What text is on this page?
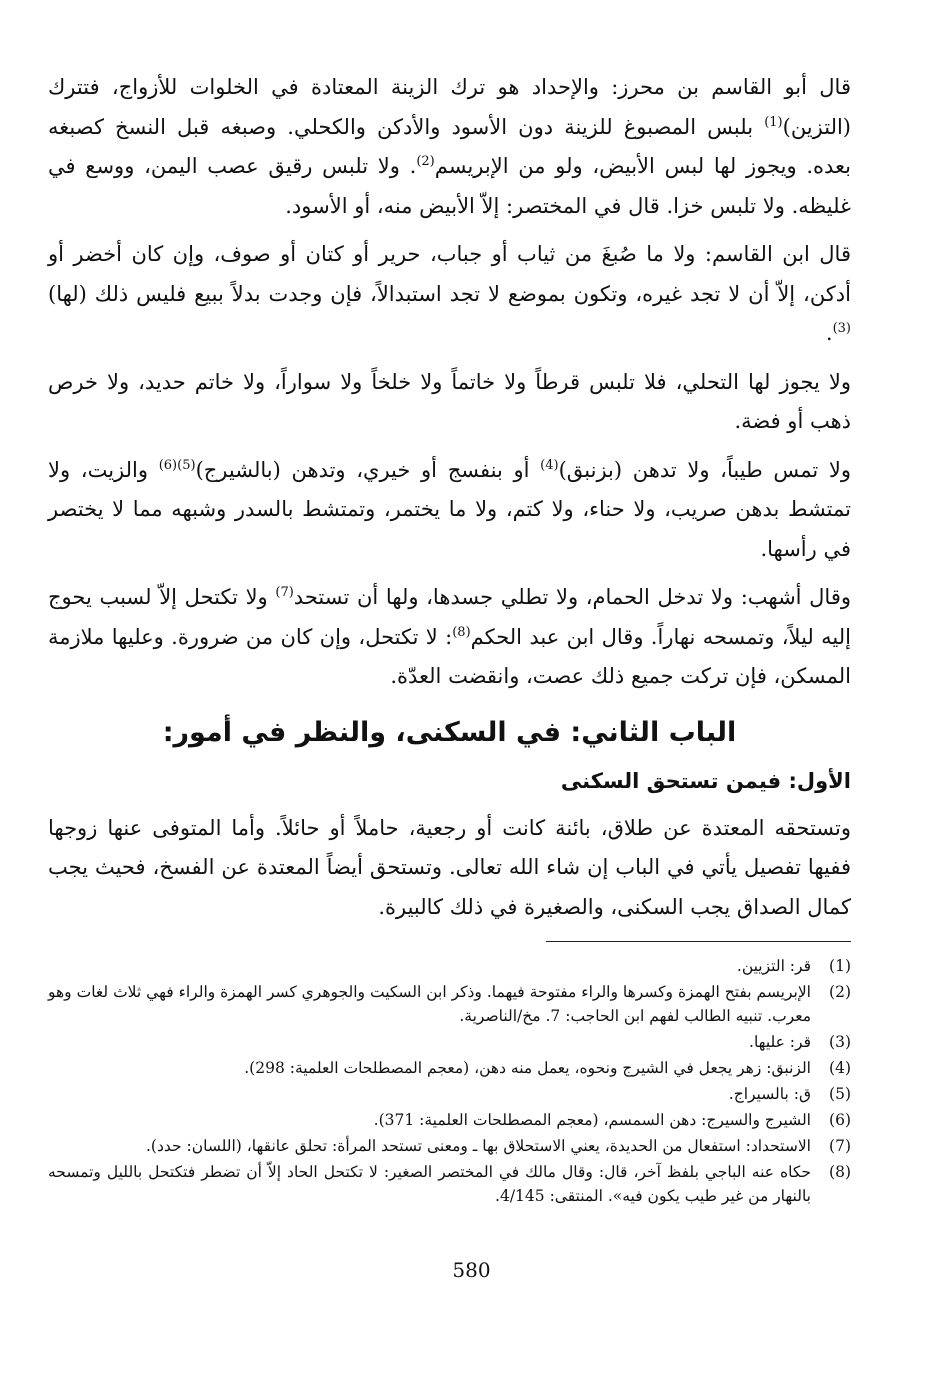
قال أبو القاسم بن محرز: والإحداد هو ترك الزينة المعتادة في الخلوات للأزواج، فتترك (التزين)$^{(1)}$ بلبس المصبوغ للزينة دون الأسود والأدكن والكحلي. وصبغه قبل النسخ كصبغه بعده. ويجوز لها لبس الأبيض، ولو من الإبريسم$^{(2)}$. ولا تلبس رقيق عصب اليمن، ووسع في غليظه. ولا تلبس خزا. قال في المختصر: إلاّ الأبيض منه، أو الأسود.

قال ابن القاسم: ولا ما صُبغَ من ثياب أو جباب، حرير أو كتان أو صوف، وإن كان أخضر أو أدكن، إلاّ أن لا تجد غيره، وتكون بموضع لا تجد استبدالاً، فإن وجدت بدلاً ببيع فليس ذلك (لها)$^{(3)}$.

ولا يجوز لها التحلي، فلا تلبس قرطاً ولا خاتماً ولا خلخاً ولا سواراً، ولا خاتم حديد، ولا خرص ذهب أو فضة.

ولا تمس طيباً، ولا تدهن (بزنبق)$^{(4)}$ أو بنفسج أو خيري، وتدهن (بالشيرج)$^{(5)(6)}$ والزيت، ولا تمتشط بدهن صريب، ولا حناء، ولا كتم، ولا ما يختمر، وتمتشط بالسدر وشبهه مما لا يختصر في رأسها.

وقال أشهب: ولا تدخل الحمام، ولا تطلي جسدها، ولها أن تستحد$^{(7)}$ ولا تكتحل إلاّ لسبب يحوج إليه ليلاً، وتمسحه نهاراً. وقال ابن عبد الحكم$^{(8)}$: لا تكتحل، وإن كان من ضرورة. وعليها ملازمة المسكن، فإن تركت جميع ذلك عصت، وانقضت العدّة.

الباب الثاني: في السكنى، والنظر في أمور:
الأول: فيمن تستحق السكنى

وتستحقه المعتدة عن طلاق، بائنة كانت أو رجعية، حاملاً أو حائلاً. وأما المتوفى عنها زوجها ففيها تفصيل يأتي في الباب إن شاء الله تعالى. وتستحق أيضاً المعتدة عن الفسخ، فحيث يجب كمال الصداق يجب السكنى، والصغيرة في ذلك كالبيرة.

(1)
قر: التزيين.
(2)
الإبريسم بفتح الهمزة وكسرها والراء مفتوحة فيهما. وذكر ابن السكيت والجوهري كسر الهمزة والراء فهي ثلاث لغات وهو معرب. تنبيه الطالب لفهم ابن الحاجب: 7. مخ/الناصرية.
(3)
قر: عليها.
(4)
الزنبق: زهر يجعل في الشيرج ونحوه، يعمل منه دهن، (معجم المصطلحات العلمية: 298).
(5)
ق: بالسيراج.
(6)
الشيرج والسيرج: دهن السمسم، (معجم المصطلحات العلمية: 371).
(7)
الاستحداد: استفعال من الحديدة، يعني الاستحلاق بها ـ ومعنى تستحد المرأة: تحلق عانقها، (اللسان: حدد).
(8)
حكاه عنه الباجي بلفظ آخر، قال: وقال مالك في المختصر الصغير: لا تكتحل الحاد إلاّ أن تضطر فتكتحل بالليل وتمسحه بالنهار من غير طيب يكون فيه». المنتقى: 4/145.
580
